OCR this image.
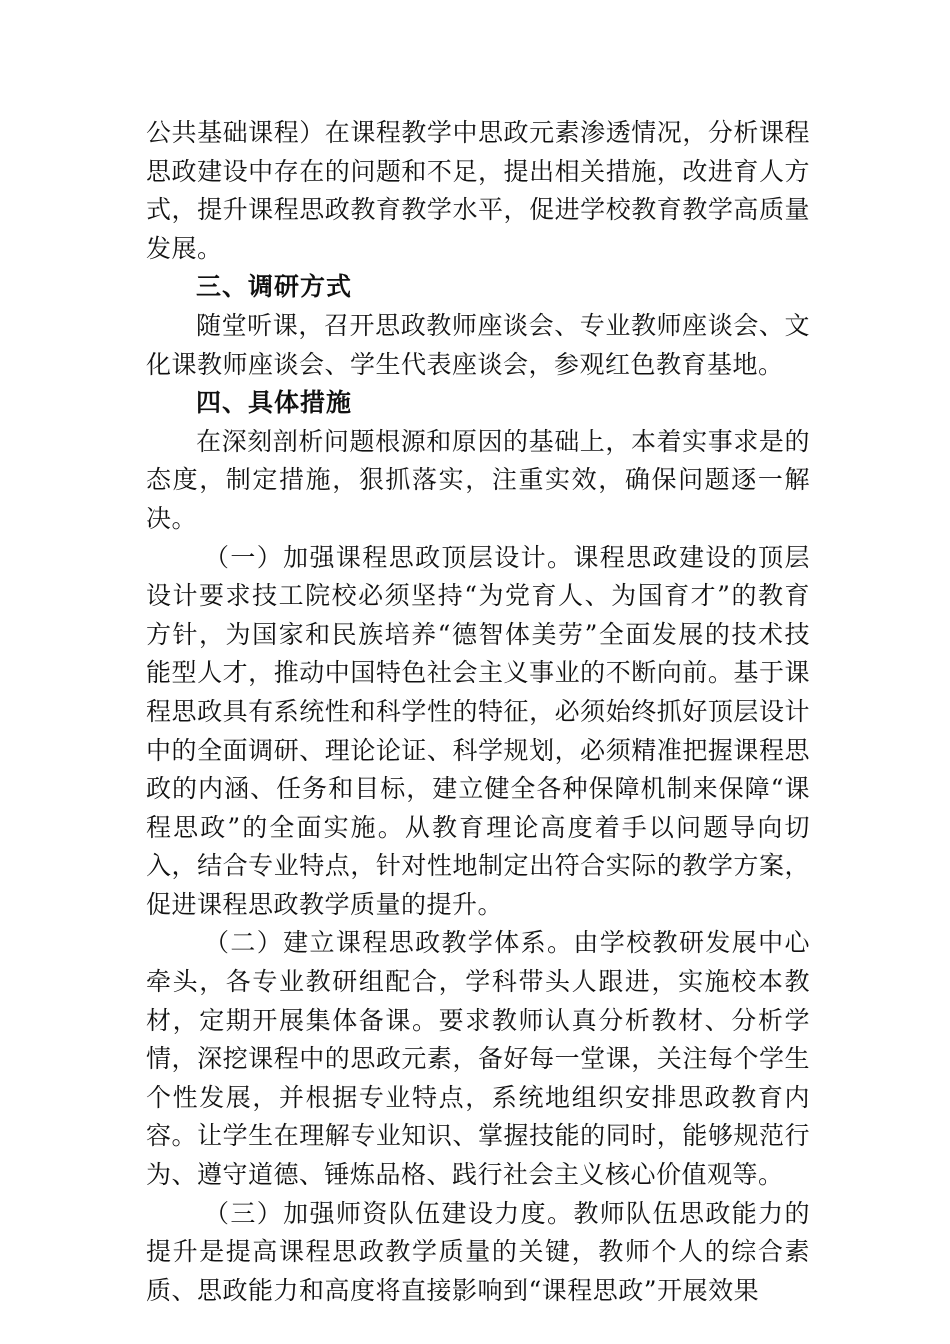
公共基础课程）在课程教学中思政元素渗透情况，分析课程思政建设中存在的问题和不足，提出相关措施，改进育人方式，提升课程思政教育教学水平，促进学校教育教学高质量发展。

三、调研方式

随堂听课，召开思政教师座谈会、专业教师座谈会、文化课教师座谈会、学生代表座谈会，参观红色教育基地。

四、具体措施

在深刻剖析问题根源和原因的基础上，本着实事求是的态度，制定措施，狠抓落实，注重实效，确保问题逐一解决。

（一）加强课程思政顶层设计。课程思政建设的顶层设计要求技工院校必须坚持“为党育人、为国育才”的教育方针，为国家和民族培养“德智体美劳”全面发展的技术技能型人才，推动中国特色社会主义事业的不断向前。基于课程思政具有系统性和科学性的特征，必须始终抓好顶层设计中的全面调研、理论论证、科学规划，必须精准把握课程思政的内涵、任务和目标，建立健全各种保障机制来保障“课程思政”的全面实施。从教育理论高度着手以问题导向切入，结合专业特点，针对性地制定出符合实际的教学方案，促进课程思政教学质量的提升。

（二）建立课程思政教学体系。由学校教研发展中心牵头，各专业教研组配合，学科带头人跟进，实施校本教材，定期开展集体备课。要求教师认真分析教材、分析学情，深挖课程中的思政元素，备好每一堂课，关注每个学生个性发展，并根据专业特点，系统地组织安排思政教育内容。让学生在理解专业知识、掌握技能的同时，能够规范行为、遵守道德、锤炼品格、践行社会主义核心价值观等。

（三）加强师资队伍建设力度。教师队伍思政能力的提升是提高课程思政教学质量的关键，教师个人的综合素质、思政能力和高度将直接影响到“课程思政”开展效果
